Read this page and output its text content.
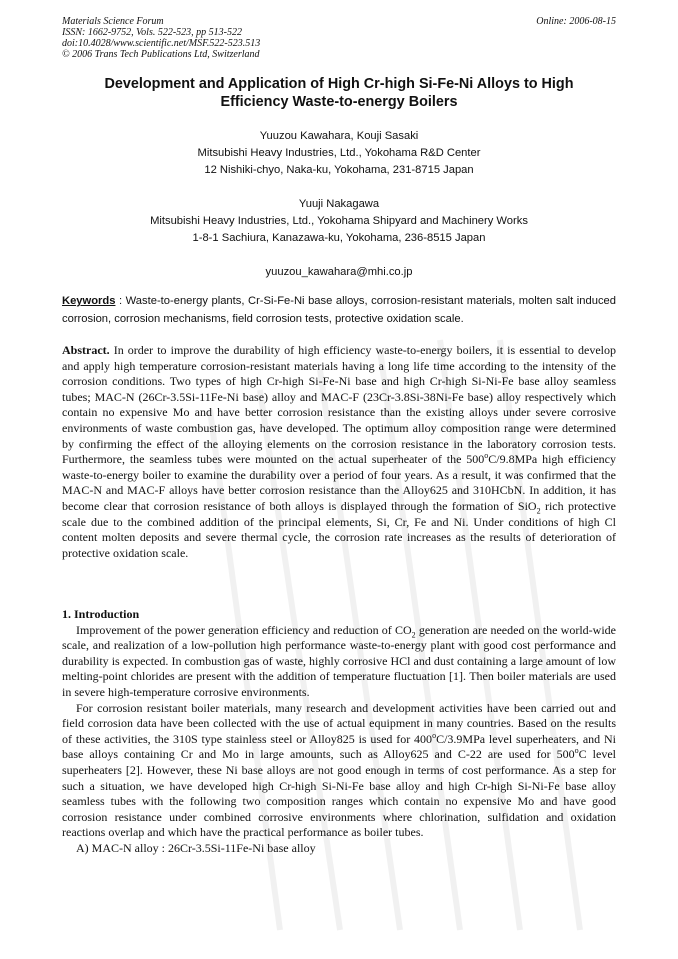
Materials Science Forum
ISSN: 1662-9752, Vols. 522-523, pp 513-522
doi:10.4028/www.scientific.net/MSF.522-523.513
© 2006 Trans Tech Publications Ltd, Switzerland
Online: 2006-08-15
Development and Application of High Cr-high Si-Fe-Ni Alloys to High
Efficiency Waste-to-energy Boilers
Yuuzou Kawahara, Kouji Sasaki
Mitsubishi Heavy Industries, Ltd., Yokohama R&D Center
12 Nishiki-chyo, Naka-ku, Yokohama, 231-8715 Japan
Yuuji Nakagawa
Mitsubishi Heavy Industries, Ltd., Yokohama Shipyard and Machinery Works
1-8-1 Sachiura, Kanazawa-ku, Yokohama, 236-8515 Japan
yuuzou_kawahara@mhi.co.jp

Keywords : Waste-to-energy plants, Cr-Si-Fe-Ni base alloys, corrosion-resistant materials, molten salt induced corrosion, corrosion mechanisms, field corrosion tests, protective oxidation scale.

Abstract. In order to improve the durability of high efficiency waste-to-energy boilers, it is essential to develop and apply high temperature corrosion-resistant materials having a long life time according to the intensity of the corrosion conditions. Two types of high Cr-high Si-Fe-Ni base and high Cr-high Si-Ni-Fe base alloy seamless tubes; MAC-N (26Cr-3.5Si-11Fe-Ni base) alloy and MAC-F (23Cr-3.8Si-38Ni-Fe base) alloy respectively which contain no expensive Mo and have better corrosion resistance than the existing alloys under severe corrosive environments of waste combustion gas, have developed. The optimum alloy composition range were determined by confirming the effect of the alloying elements on the corrosion resistance in the laboratory corrosion tests. Furthermore, the seamless tubes were mounted on the actual superheater of the 500$^o$C/9.8MPa high efficiency waste-to-energy boiler to examine the durability over a period of four years. As a result, it was confirmed that the MAC-N and MAC-F alloys have better corrosion resistance than the Alloy625 and 310HCbN. In addition, it has become clear that corrosion resistance of both alloys is displayed through the formation of SiO$_2$ rich protective scale due to the combined addition of the principal elements, Si, Cr, Fe and Ni. Under conditions of high Cl content molten deposits and severe thermal cycle, the corrosion rate increases as the results of deterioration of protective oxidation scale.

1. Introduction

Improvement of the power generation efficiency and reduction of $CO_2$ generation are needed on the world-wide scale, and realization of a low-pollution high performance waste-to-energy plant with good cost performance and durability is expected. In combustion gas of waste, highly corrosive HCl and dust containing a large amount of low melting-point chlorides are present with the addition of temperature fluctuation [1]. Then boiler materials are used in severe high-temperature corrosive environments.

For corrosion resistant boiler materials, many research and development activities have been carried out and field corrosion data have been collected with the use of actual equipment in many countries. Based on the results of these activities, the 310S type stainless steel or Alloy825 is used for 400$^o$C/3.9MPa level superheaters, and Ni base alloys containing Cr and Mo in large amounts, such as Alloy625 and C-22 are used for 500$^o$C level superheaters [2]. However, these Ni base alloys are not good enough in terms of cost performance. As a step for such a situation, we have developed high Cr-high Si-Ni-Fe base alloy and high Cr-high Si-Ni-Fe base alloy seamless tubes with the following two composition ranges which contain no expensive Mo and have good corrosion resistance under combined corrosive environments where chlorination, sulfidation and oxidation reactions overlap and which have the practical performance as boiler tubes.

A) MAC-N alloy : 26Cr-3.5Si-11Fe-Ni base alloy
